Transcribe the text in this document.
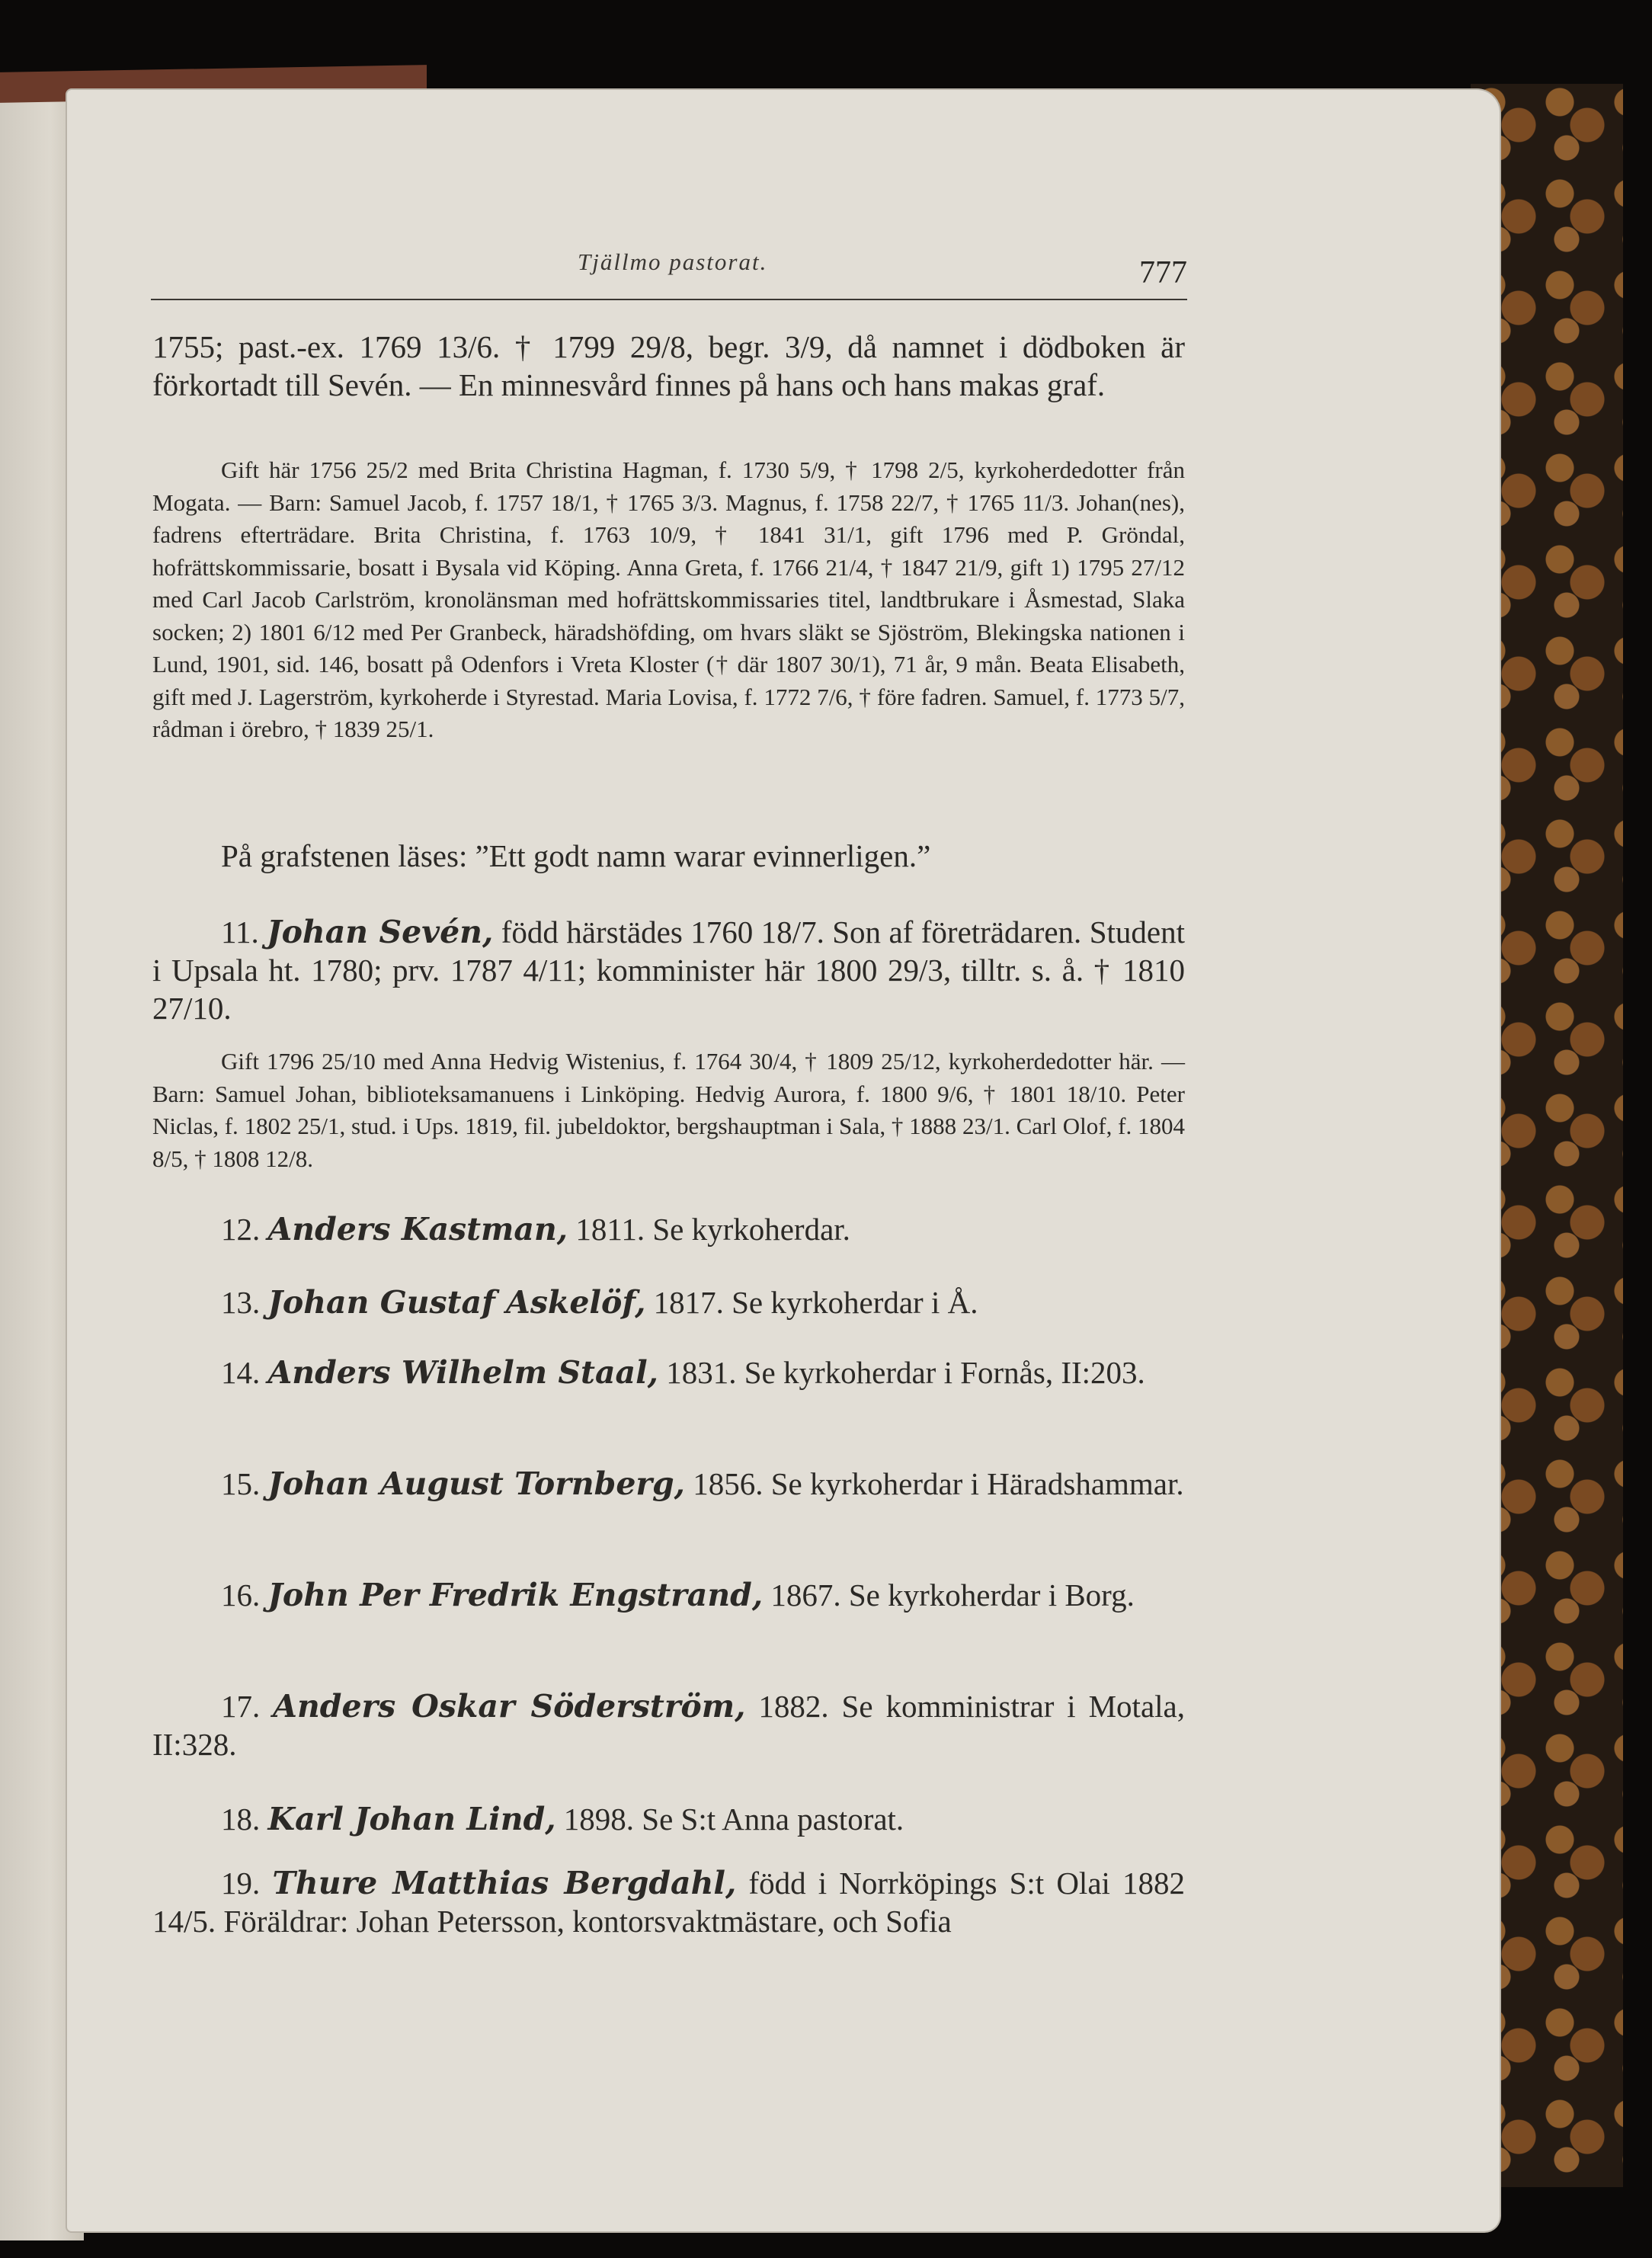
Tjällmo pastorat.	777

1755; past.-ex. 1769 13/6. † 1799 29/8, begr. 3/9, då namnet i dödboken är förkortadt till Sevén. — En minnesvård finnes på hans och hans makas graf.

Gift här 1756 25/2 med Brita Christina Hagman, f. 1730 5/9, † 1798 2/5, kyrkoherdedotter från Mogata. — Barn: Samuel Jacob, f. 1757 18/1, † 1765 3/3. Magnus, f. 1758 22/7, † 1765 11/3. Johan(nes), fadrens efterträdare. Brita Christina, f. 1763 10/9, † 1841 31/1, gift 1796 med P. Gröndal, hofrättskommissarie, bosatt i Bysala vid Köping. Anna Greta, f. 1766 21/4, † 1847 21/9, gift 1) 1795 27/12 med Carl Jacob Carlström, kronolänsman med hofrättskommissaries titel, landtbrukare i Åsmestad, Slaka socken; 2) 1801 6/12 med Per Granbeck, häradshöfding, om hvars släkt se Sjöström, Blekingska nationen i Lund, 1901, sid. 146, bosatt på Odenfors i Vreta Kloster († där 1807 30/1), 71 år, 9 mån. Beata Elisabeth, gift med J. Lagerström, kyrkoherde i Styrestad. Maria Lovisa, f. 1772 7/6, † före fadren. Samuel, f. 1773 5/7, rådman i örebro, † 1839 25/1.

På grafstenen läses: ”Ett godt namn warar evinnerligen.”

11. Johan Sevén, född härstädes 1760 18/7. Son af företrädaren. Student i Upsala ht. 1780; prv. 1787 4/11; komminister här 1800 29/3, tilltr. s. å. † 1810 27/10.

Gift 1796 25/10 med Anna Hedvig Wistenius, f. 1764 30/4, † 1809 25/12, kyrkoherdedotter här. — Barn: Samuel Johan, biblioteksamanuens i Linköping. Hedvig Aurora, f. 1800 9/6, † 1801 18/10. Peter Niclas, f. 1802 25/1, stud. i Ups. 1819, fil. jubeldoktor, bergshauptman i Sala, † 1888 23/1. Carl Olof, f. 1804 8/5, † 1808 12/8.

12. Anders Kastman, 1811. Se kyrkoherdar.

13. Johan Gustaf Askelöf, 1817. Se kyrkoherdar i Å.

14. Anders Wilhelm Staal, 1831. Se kyrkoherdar i Fornås, II:203.

15. Johan August Tornberg, 1856. Se kyrkoherdar i Häradshammar.

16. John Per Fredrik Engstrand, 1867. Se kyrkoherdar i Borg.

17. Anders Oskar Söderström, 1882. Se komministrar i Motala, II:328.

18. Karl Johan Lind, 1898. Se S:t Anna pastorat.

19. Thure Matthias Bergdahl, född i Norrköpings S:t Olai 1882 14/5. Föräldrar: Johan Petersson, kontorsvaktmästare, och Sofia
